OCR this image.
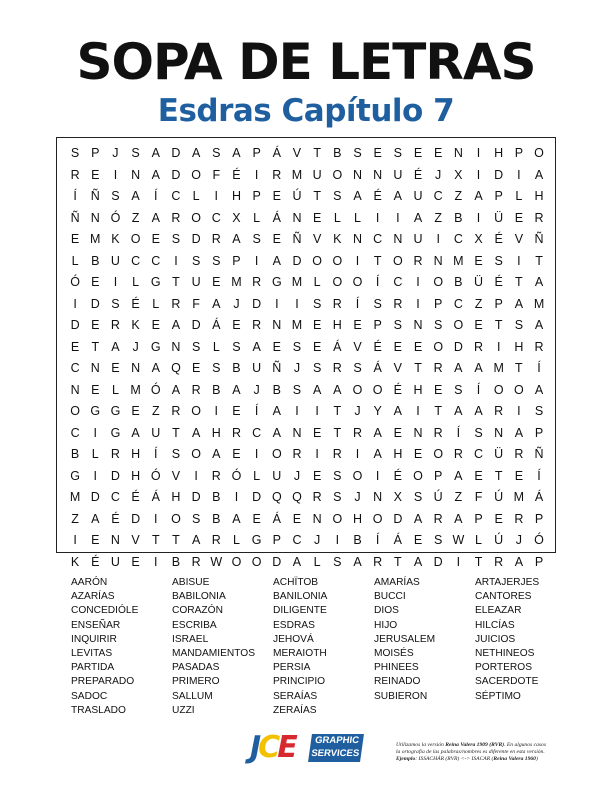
SOPA DE LETRAS
Esdras Capítulo 7
S P	J	S A D A S A P Á V T B S E S E E N	I	H P O
R E	I	N A D O F É	I	R M U O N N U É	J	X	I	D	I	A
Í	Ñ S A	Í	C L	I	H P E Ú T S A É A U C Z A P	L H
Ñ N Ó Z A R O C X	L	Á N E	L	L	I	I	A Z B	I	Ü E R
E M K O E S D R A S E Ñ V K N C N U	I	C X É V Ñ
L	B U C C	I	S S P	I	A D O O	I	T O R N M E S	I	T
Ó E	I	L G T U E M R G M L O O	Í	C	I	O B Ü É T A
I	D S É	L R F A	J	D	I	I	S R	Í	S R	I	P C Z P A M
D E R K E A D Á E R N M E H E P S N S O E T S A
E T A	J G N S	L	S A E S E Á V É E E O D R	I	H R
C N E N A Q E S B U Ñ	J	S R S Á V T R A A M T	Í
N E	L M Ó A R B A	J	B S A A O O É H E S	Í	O O A
O G G E Z R O	I	E	Í	A	I	I	T	J	Y A	I	T A A R	I	S
C	I	G A U T A H R C A N E T R A E N R	Í	S N A P
B	L R H	Í	S O A E	I	O R	I	R	I	A H E O R C Ü R Ñ
G	I	D H Ó V	I	R Ó L U	J	E S O	I	É O P A E T E	Í
M D C É Á H D B	I	D Q Q R S	J	N X S Ú Z	F Ú M Á
Z A É D	I	O S B A E Á E N O H O D A R A P E R P
I	E N V T	T A R L G P C	J	I	B	Í	Á E S W L Ú	J Ó
K É U E	I	B R W O O D A	L	S A R T A D	I	T R A P
AARÓN
AZARÍAS
CONCEDIÓLE
ENSEÑAR
INQUIRIR
LEVITAS
PARTIDA
PREPARADO
SADOC
TRASLADO
ABISUE
BABILONIA
CORAZÓN
ESCRIBA
ISRAEL
MANDAMIENTOS
PASADAS
PRIMERO
SALLUM
UZZI
ACHÏTOB
BANILONIA
DILIGENTE
ESDRAS
JEHOVÁ
MERAIOTH
PERSIA
PRINCIPIO
SERAÍAS
ZERAÍAS
AMARÍAS
BUCCI
DIOS
HIJO
JERUSALEM
MOISÉS
PHINEES
REINADO
SUBIERON
ARTAJERJES
CANTORES
ELEAZAR
HILCÍAS
JUICIOS
NETHINEOS
PORTEROS
SACERDOTE
SÉPTIMO
JCE	GRAPHIC
SERVICES
Utilizamos la versión Reina Valera 1909 (RVR). En algunos casos
la ortografía de las palabras/nombres es diferente en esta versión.
Ejemplo: ISSACHÁR (RVR) <-> ISACAR (Reina Valera 1960)
